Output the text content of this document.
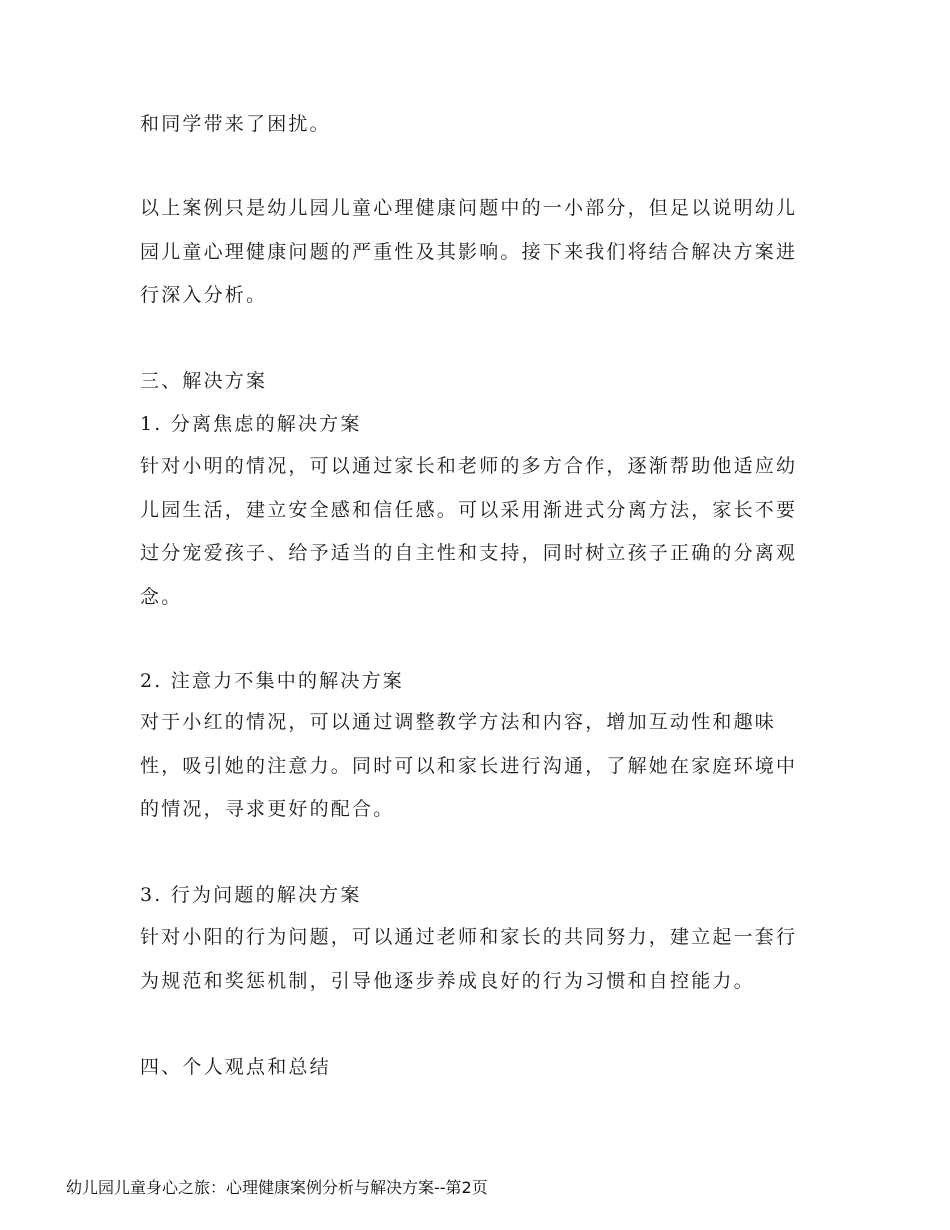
和同学带来了困扰。

以上案例只是幼儿园儿童心理健康问题中的一小部分，但足以说明幼儿园儿童心理健康问题的严重性及其影响。接下来我们将结合解决方案进行深入分析。

三、解决方案
1. 分离焦虑的解决方案

针对小明的情况，可以通过家长和老师的多方合作，逐渐帮助他适应幼儿园生活，建立安全感和信任感。可以采用渐进式分离方法，家长不要过分宠爱孩子、给予适当的自主性和支持，同时树立孩子正确的分离观念。

2. 注意力不集中的解决方案

对于小红的情况，可以通过调整教学方法和内容，增加互动性和趣味性，吸引她的注意力。同时可以和家长进行沟通，了解她在家庭环境中的情况，寻求更好的配合。

3. 行为问题的解决方案

针对小阳的行为问题，可以通过老师和家长的共同努力，建立起一套行为规范和奖惩机制，引导他逐步养成良好的行为习惯和自控能力。

四、个人观点和总结
幼儿园儿童身心之旅：心理健康案例分析与解决方案--第2页
